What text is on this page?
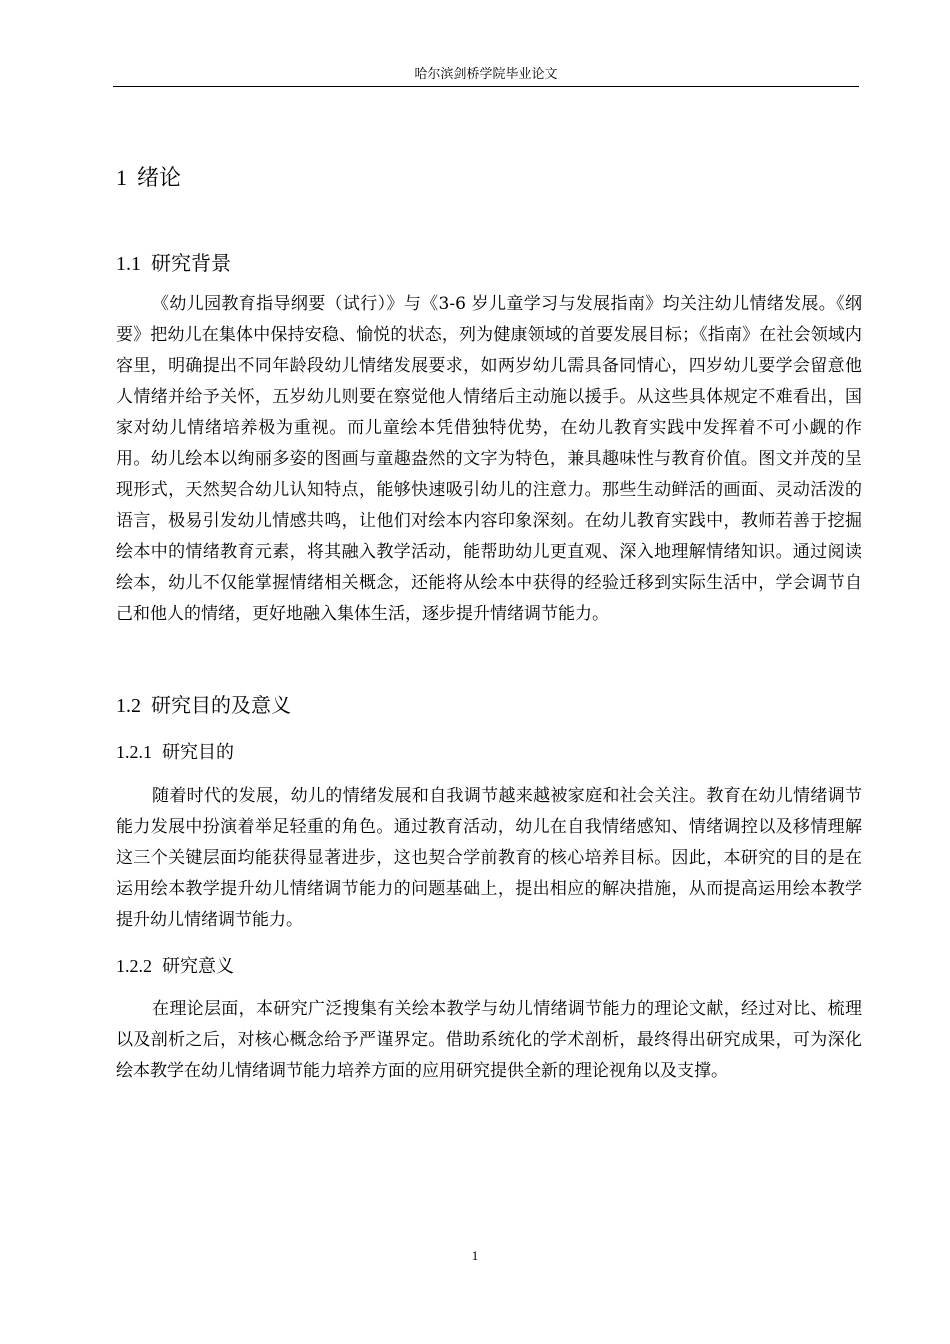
哈尔滨剑桥学院毕业论文
1 绪论
1.1 研究背景

《幼儿园教育指导纲要（试行）》与《3-6 岁儿童学习与发展指南》均关注幼儿情绪发展。《纲要》把幼儿在集体中保持安稳、愉悦的状态，列为健康领域的首要发展目标；《指南》在社会领域内容里，明确提出不同年龄段幼儿情绪发展要求，如两岁幼儿需具备同情心，四岁幼儿要学会留意他人情绪并给予关怀，五岁幼儿则要在察觉他人情绪后主动施以援手。从这些具体规定不难看出，国家对幼儿情绪培养极为重视。而儿童绘本凭借独特优势，在幼儿教育实践中发挥着不可小觑的作用。幼儿绘本以绚丽多姿的图画与童趣盎然的文字为特色，兼具趣味性与教育价值。图文并茂的呈现形式，天然契合幼儿认知特点，能够快速吸引幼儿的注意力。那些生动鲜活的画面、灵动活泼的语言，极易引发幼儿情感共鸣，让他们对绘本内容印象深刻。在幼儿教育实践中，教师若善于挖掘绘本中的情绪教育元素，将其融入教学活动，能帮助幼儿更直观、深入地理解情绪知识。通过阅读绘本，幼儿不仅能掌握情绪相关概念，还能将从绘本中获得的经验迁移到实际生活中，学会调节自己和他人的情绪，更好地融入集体生活，逐步提升情绪调节能力。

1.2 研究目的及意义
1.2.1 研究目的

随着时代的发展，幼儿的情绪发展和自我调节越来越被家庭和社会关注。教育在幼儿情绪调节能力发展中扮演着举足轻重的角色。通过教育活动，幼儿在自我情绪感知、情绪调控以及移情理解这三个关键层面均能获得显著进步，这也契合学前教育的核心培养目标。因此，本研究的目的是在运用绘本教学提升幼儿情绪调节能力的问题基础上，提出相应的解决措施，从而提高运用绘本教学提升幼儿情绪调节能力。

1.2.2 研究意义

在理论层面，本研究广泛搜集有关绘本教学与幼儿情绪调节能力的理论文献，经过对比、梳理以及剖析之后，对核心概念给予严谨界定。借助系统化的学术剖析，最终得出研究成果，可为深化绘本教学在幼儿情绪调节能力培养方面的应用研究提供全新的理论视角以及支撑。

1
